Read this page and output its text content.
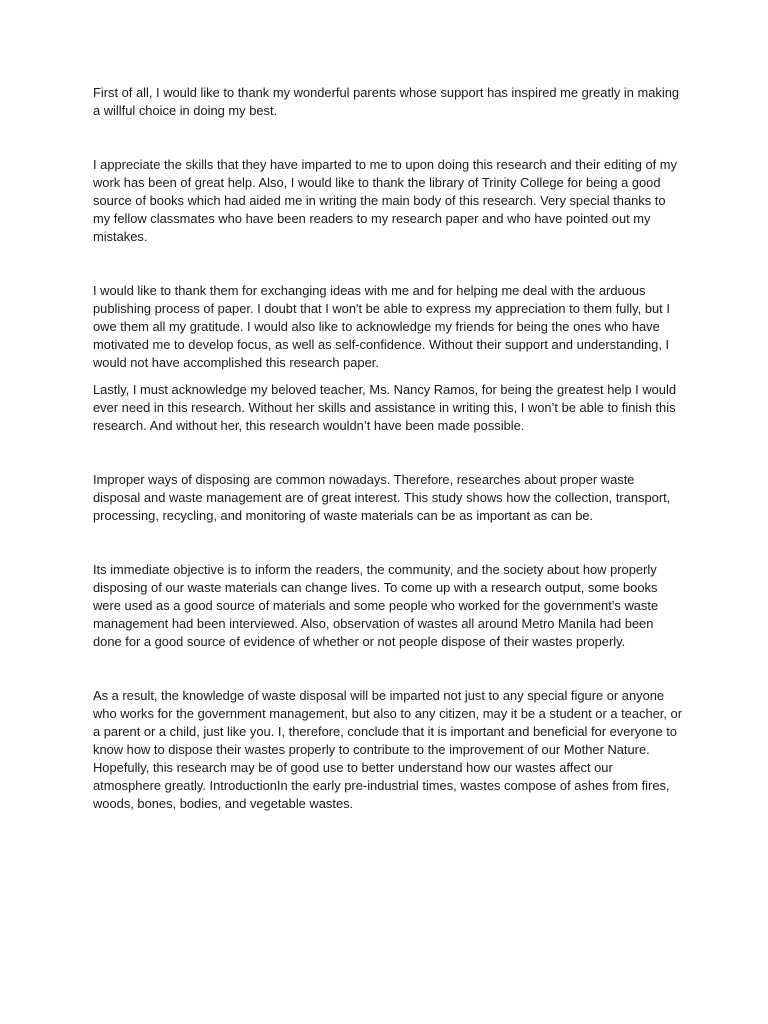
First of all, I would like to thank my wonderful parents whose support has inspired me greatly in making a willful choice in doing my best.

I appreciate the skills that they have imparted to me to upon doing this research and their editing of my work has been of great help. Also, I would like to thank the library of Trinity College for being a good source of books which had aided me in writing the main body of this research. Very special thanks to my fellow classmates who have been readers to my research paper and who have pointed out my mistakes.

I would like to thank them for exchanging ideas with me and for helping me deal with the arduous publishing process of paper. I doubt that I won't be able to express my appreciation to them fully, but I owe them all my gratitude. I would also like to acknowledge my friends for being the ones who have motivated me to develop focus, as well as self-confidence. Without their support and understanding, I would not have accomplished this research paper.

Lastly, I must acknowledge my beloved teacher, Ms. Nancy Ramos, for being the greatest help I would ever need in this research. Without her skills and assistance in writing this, I won’t be able to finish this research. And without her, this research wouldn’t have been made possible.

Improper ways of disposing are common nowadays. Therefore, researches about proper waste disposal and waste management are of great interest. This study shows how the collection, transport, processing, recycling, and monitoring of waste materials can be as important as can be.

Its immediate objective is to inform the readers, the community, and the society about how properly disposing of our waste materials can change lives. To come up with a research output, some books were used as a good source of materials and some people who worked for the government’s waste management had been interviewed. Also, observation of wastes all around Metro Manila had been done for a good source of evidence of whether or not people dispose of their wastes properly.

As a result, the knowledge of waste disposal will be imparted not just to any special figure or anyone who works for the government management, but also to any citizen, may it be a student or a teacher, or a parent or a child, just like you. I, therefore, conclude that it is important and beneficial for everyone to know how to dispose their wastes properly to contribute to the improvement of our Mother Nature. Hopefully, this research may be of good use to better understand how our wastes affect our atmosphere greatly. IntroductionIn the early pre-industrial times, wastes compose of ashes from fires, woods, bones, bodies, and vegetable wastes.
